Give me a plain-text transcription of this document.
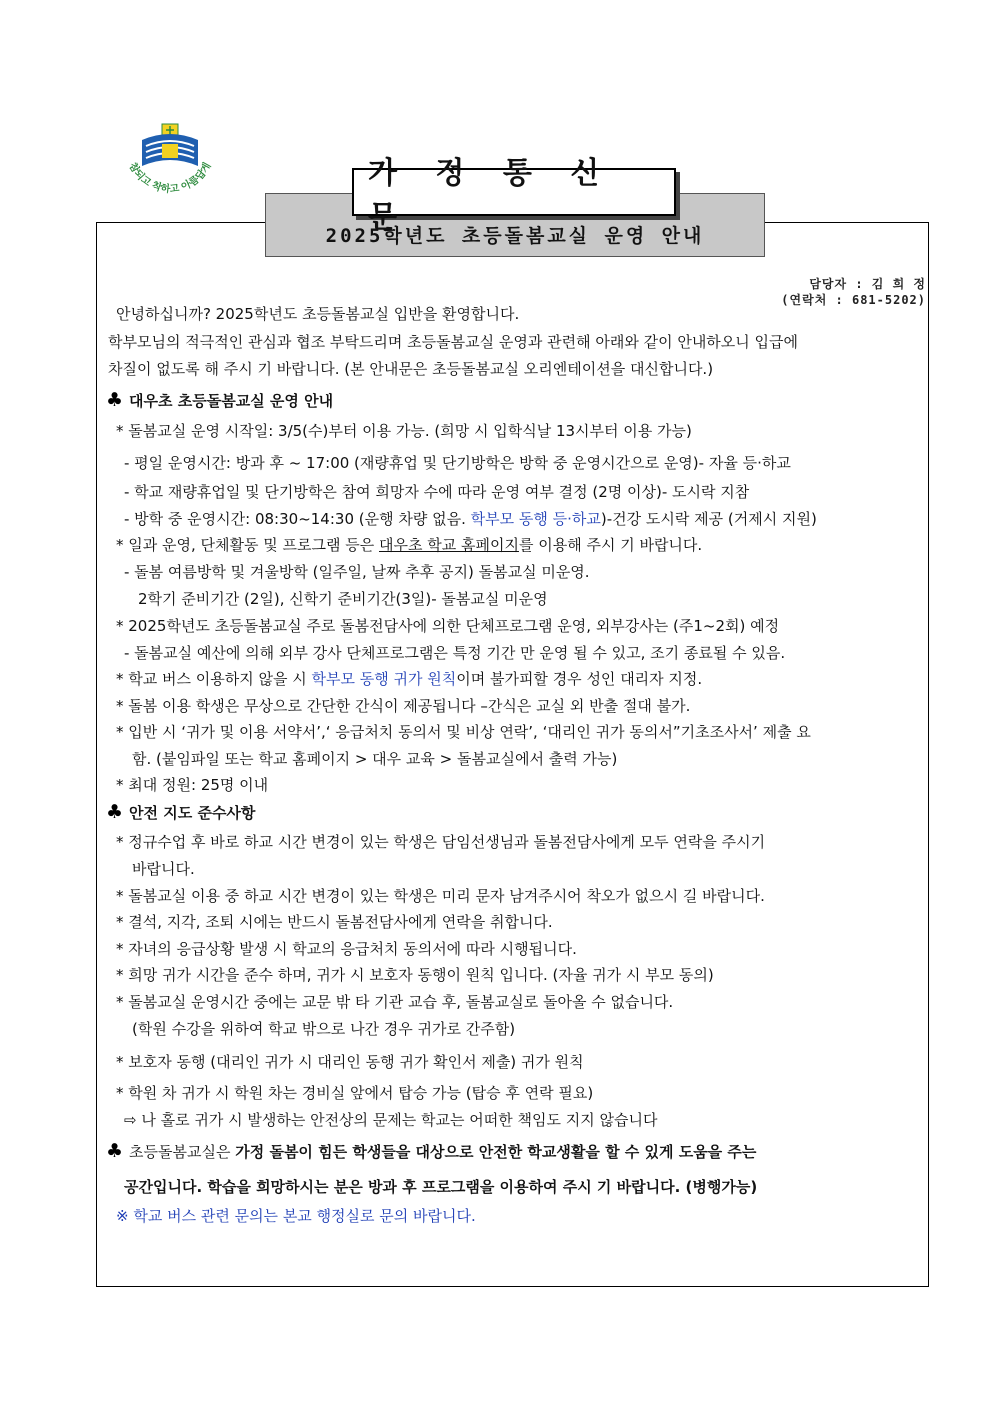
참되고 착하고 아름답게	가 정 통 신 문
2025학년도 초등돌봄교실 운영 안내
담당자 : 김 희 정
(연락처 : 681-5202)
안녕하십니까? 2025학년도 초등돌봄교실 입반을 환영합니다.
학부모님의 적극적인 관심과 협조 부탁드리며 초등돌봄교실 운영과 관련해 아래와 같이 안내하오니 입급에
차질이 없도록 해 주시 기 바랍니다. (본 안내문은 초등돌봄교실 오리엔테이션을 대신합니다.)
♣ 대우초 초등돌봄교실 운영 안내
* 돌봄교실 운영 시작일: 3/5(수)부터 이용 가능. (희망 시 입학식날 13시부터 이용 가능)
- 평일 운영시간: 방과 후 ~ 17:00 (재량휴업 및 단기방학은 방학 중 운영시간으로 운영)- 자율 등·하교
- 학교 재량휴업일 및 단기방학은 참여 희망자 수에 따라 운영 여부 결정 (2명 이상)- 도시락 지참
- 방학 중 운영시간: 08:30~14:30 (운행 차량 없음. 학부모 동행 등·하교)-건강 도시락 제공 (거제시 지원)
* 일과 운영, 단체활동 및 프로그램 등은 대우초 학교 홈페이지를 이용해 주시 기 바랍니다.
- 돌봄 여름방학 및 겨울방학 (일주일, 날짜 추후 공지) 돌봄교실 미운영.
2학기 준비기간 (2일), 신학기 준비기간(3일)- 돌봄교실 미운영
* 2025학년도 초등돌봄교실 주로 돌봄전담사에 의한 단체프로그램 운영, 외부강사는 (주1~2회) 예정
- 돌봄교실 예산에 의해 외부 강사 단체프로그램은 특정 기간 만 운영 될 수 있고, 조기 종료될 수 있음.
* 학교 버스 이용하지 않을 시 학부모 동행 귀가 원칙이며 불가피할 경우 성인 대리자 지정.
* 돌봄 이용 학생은 무상으로 간단한 간식이 제공됩니다 –간식은 교실 외 반출 절대 불가.
* 입반 시 ‘귀가 및 이용 서약서’,‘ 응급처치 동의서 및 비상 연락’, ‘대리인 귀가 동의서”기초조사서’ 제출 요
함. (붙임파일 또는 학교 홈페이지 > 대우 교육 > 돌봄교실에서 출력 가능)
* 최대 정원: 25명 이내
♣ 안전 지도 준수사항
* 정규수업 후 바로 하교 시간 변경이 있는 학생은 담임선생님과 돌봄전담사에게 모두 연락을 주시기
바랍니다.
* 돌봄교실 이용 중 하교 시간 변경이 있는 학생은 미리 문자 남겨주시어 착오가 없으시 길 바랍니다.
* 결석, 지각, 조퇴 시에는 반드시 돌봄전담사에게 연락을 취합니다.
* 자녀의 응급상황 발생 시 학교의 응급처치 동의서에 따라 시행됩니다.
* 희망 귀가 시간을 준수 하며, 귀가 시 보호자 동행이 원칙 입니다. (자율 귀가 시 부모 동의)
* 돌봄교실 운영시간 중에는 교문 밖 타 기관 교습 후, 돌봄교실로 돌아올 수 없습니다.
(학원 수강을 위하여 학교 밖으로 나간 경우 귀가로 간주함)
* 보호자 동행 (대리인 귀가 시 대리인 동행 귀가 확인서 제출) 귀가 원칙
* 학원 차 귀가 시 학원 차는 경비실 앞에서 탑승 가능 (탑승 후 연락 필요)
⇨ 나 홀로 귀가 시 발생하는 안전상의 문제는 학교는 어떠한 책임도 지지 않습니다
♣ 초등돌봄교실은 가정 돌봄이 힘든 학생들을 대상으로 안전한 학교생활을 할 수 있게 도움을 주는
공간입니다. 학습을 희망하시는 분은 방과 후 프로그램을 이용하여 주시 기 바랍니다. (병행가능)
※ 학교 버스 관련 문의는 본교 행정실로 문의 바랍니다.
